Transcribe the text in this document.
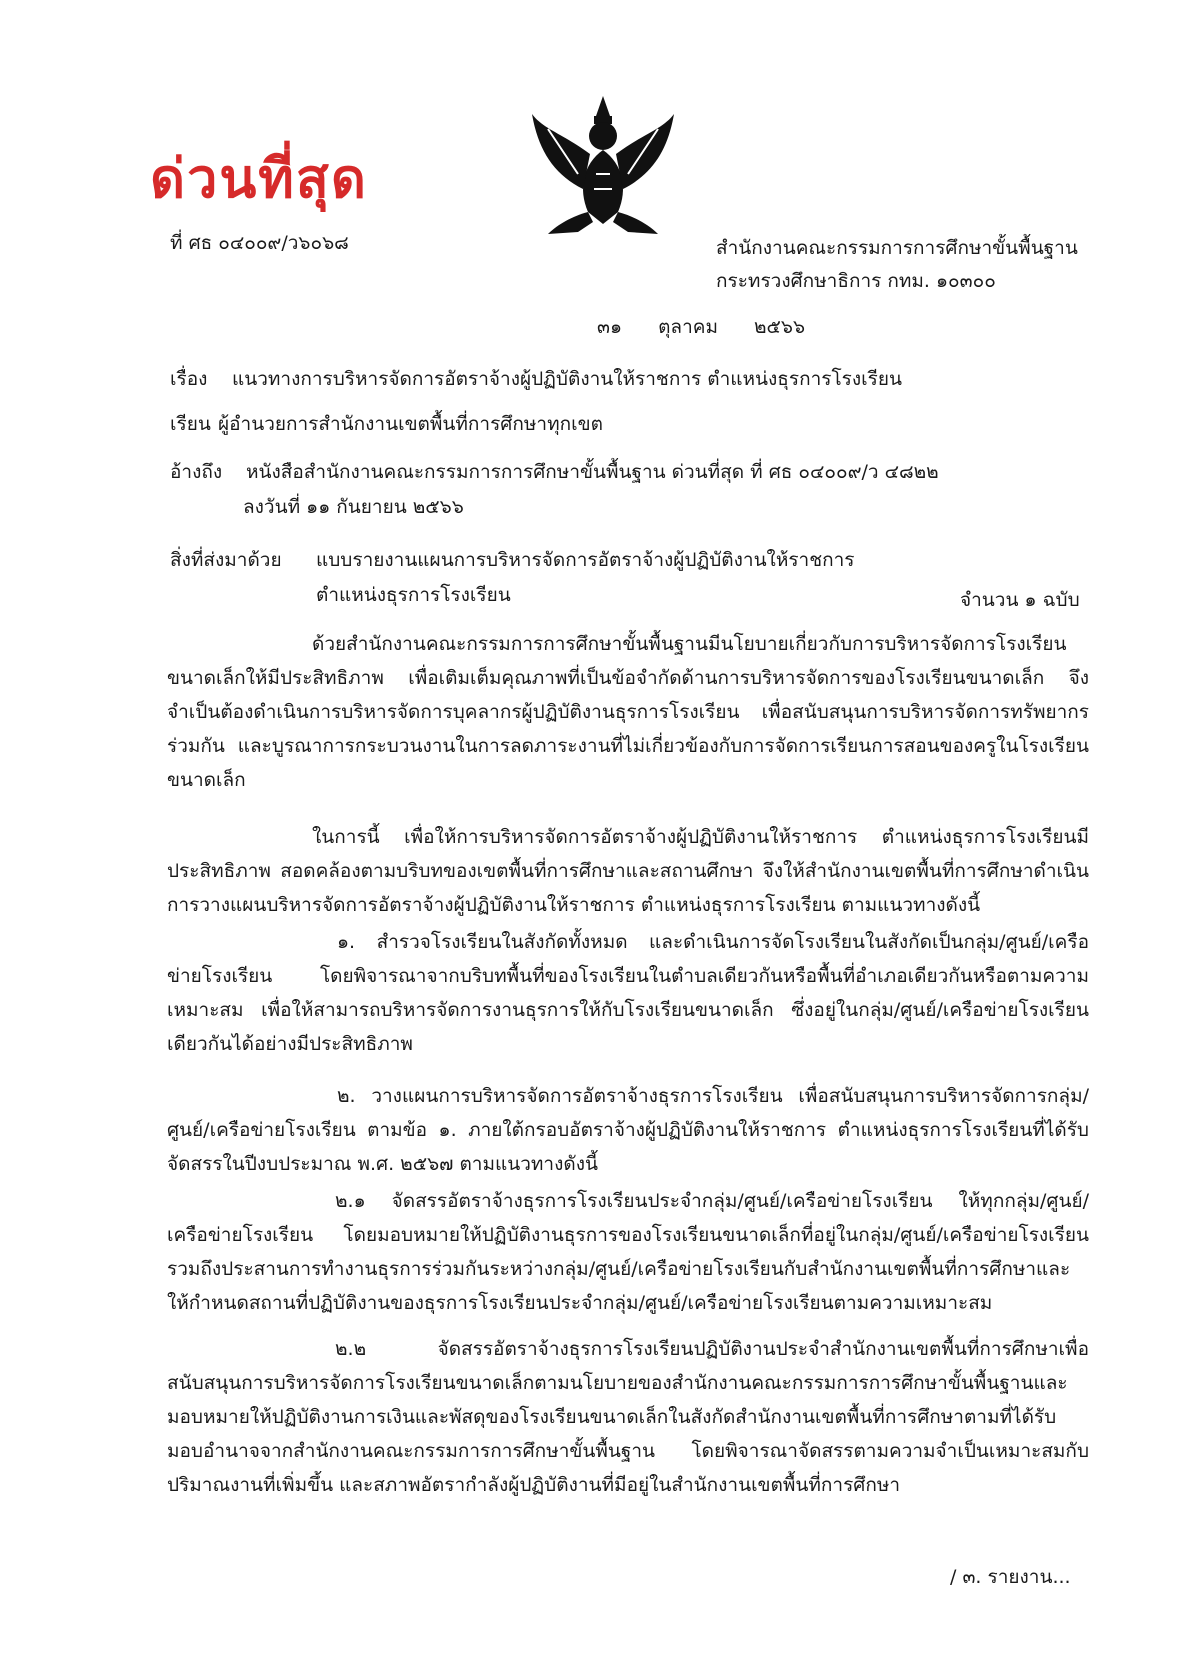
ด่วนที่สุด
ที่ ศธ ๐๔๐๐๙/ว๖๐๖๘	สำนักงานคณะกรรมการการศึกษาขั้นพื้นฐาน
กระทรวงศึกษาธิการ กทม. ๑๐๓๐๐
๓๑ ตุลาคม ๒๕๖๖
เรื่อง แนวทางการบริหารจัดการอัตราจ้างผู้ปฏิบัติงานให้ราชการ ตำแหน่งธุรการโรงเรียน
เรียน ผู้อำนวยการสำนักงานเขตพื้นที่การศึกษาทุกเขต
อ้างถึง หนังสือสำนักงานคณะกรรมการการศึกษาขั้นพื้นฐาน ด่วนที่สุด ที่ ศธ ๐๔๐๐๙/ว ๔๘๒๒
ลงวันที่ ๑๑ กันยายน ๒๕๖๖
สิ่งที่ส่งมาด้วย แบบรายงานแผนการบริหารจัดการอัตราจ้างผู้ปฏิบัติงานให้ราชการ
ตำแหน่งธุรการโรงเรียน	จำนวน ๑ ฉบับ

ด้วยสำนักงานคณะกรรมการการศึกษาขั้นพื้นฐานมีนโยบายเกี่ยวกับการบริหารจัดการโรงเรียนขนาดเล็กให้มีประสิทธิภาพ เพื่อเติมเต็มคุณภาพที่เป็นข้อจำกัดด้านการบริหารจัดการของโรงเรียนขนาดเล็ก จึงจำเป็นต้องดำเนินการบริหารจัดการบุคลากรผู้ปฏิบัติงานธุรการโรงเรียน เพื่อสนับสนุนการบริหารจัดการทรัพยากรร่วมกัน และบูรณาการกระบวนงานในการลดภาระงานที่ไม่เกี่ยวข้องกับการจัดการเรียนการสอนของครูในโรงเรียนขนาดเล็ก

ในการนี้ เพื่อให้การบริหารจัดการอัตราจ้างผู้ปฏิบัติงานให้ราชการ ตำแหน่งธุรการโรงเรียนมีประสิทธิภาพ สอดคล้องตามบริบทของเขตพื้นที่การศึกษาและสถานศึกษา จึงให้สำนักงานเขตพื้นที่การศึกษาดำเนินการวางแผนบริหารจัดการอัตราจ้างผู้ปฏิบัติงานให้ราชการ ตำแหน่งธุรการโรงเรียน ตามแนวทางดังนี้

๑. สำรวจโรงเรียนในสังกัดทั้งหมด และดำเนินการจัดโรงเรียนในสังกัดเป็นกลุ่ม/ศูนย์/เครือข่ายโรงเรียน โดยพิจารณาจากบริบทพื้นที่ของโรงเรียนในตำบลเดียวกันหรือพื้นที่อำเภอเดียวกันหรือตามความเหมาะสม เพื่อให้สามารถบริหารจัดการงานธุรการให้กับโรงเรียนขนาดเล็ก ซึ่งอยู่ในกลุ่ม/ศูนย์/เครือข่ายโรงเรียนเดียวกันได้อย่างมีประสิทธิภาพ

๒. วางแผนการบริหารจัดการอัตราจ้างธุรการโรงเรียน เพื่อสนับสนุนการบริหารจัดการกลุ่ม/ศูนย์/เครือข่ายโรงเรียน ตามข้อ ๑. ภายใต้กรอบอัตราจ้างผู้ปฏิบัติงานให้ราชการ ตำแหน่งธุรการโรงเรียนที่ได้รับจัดสรรในปีงบประมาณ พ.ศ. ๒๕๖๗ ตามแนวทางดังนี้

๒.๑ จัดสรรอัตราจ้างธุรการโรงเรียนประจำกลุ่ม/ศูนย์/เครือข่ายโรงเรียน ให้ทุกกลุ่ม/ศูนย์/เครือข่ายโรงเรียน โดยมอบหมายให้ปฏิบัติงานธุรการของโรงเรียนขนาดเล็กที่อยู่ในกลุ่ม/ศูนย์/เครือข่ายโรงเรียนรวมถึงประสานการทำงานธุรการร่วมกันระหว่างกลุ่ม/ศูนย์/เครือข่ายโรงเรียนกับสำนักงานเขตพื้นที่การศึกษาและให้กำหนดสถานที่ปฏิบัติงานของธุรการโรงเรียนประจำกลุ่ม/ศูนย์/เครือข่ายโรงเรียนตามความเหมาะสม

๒.๒ จัดสรรอัตราจ้างธุรการโรงเรียนปฏิบัติงานประจำสำนักงานเขตพื้นที่การศึกษาเพื่อสนับสนุนการบริหารจัดการโรงเรียนขนาดเล็กตามนโยบายของสำนักงานคณะกรรมการการศึกษาขั้นพื้นฐานและมอบหมายให้ปฏิบัติงานการเงินและพัสดุของโรงเรียนขนาดเล็กในสังกัดสำนักงานเขตพื้นที่การศึกษาตามที่ได้รับมอบอำนาจจากสำนักงานคณะกรรมการการศึกษาขั้นพื้นฐาน โดยพิจารณาจัดสรรตามความจำเป็นเหมาะสมกับปริมาณงานที่เพิ่มขึ้น และสภาพอัตรากำลังผู้ปฏิบัติงานที่มีอยู่ในสำนักงานเขตพื้นที่การศึกษา

/ ๓. รายงาน...
